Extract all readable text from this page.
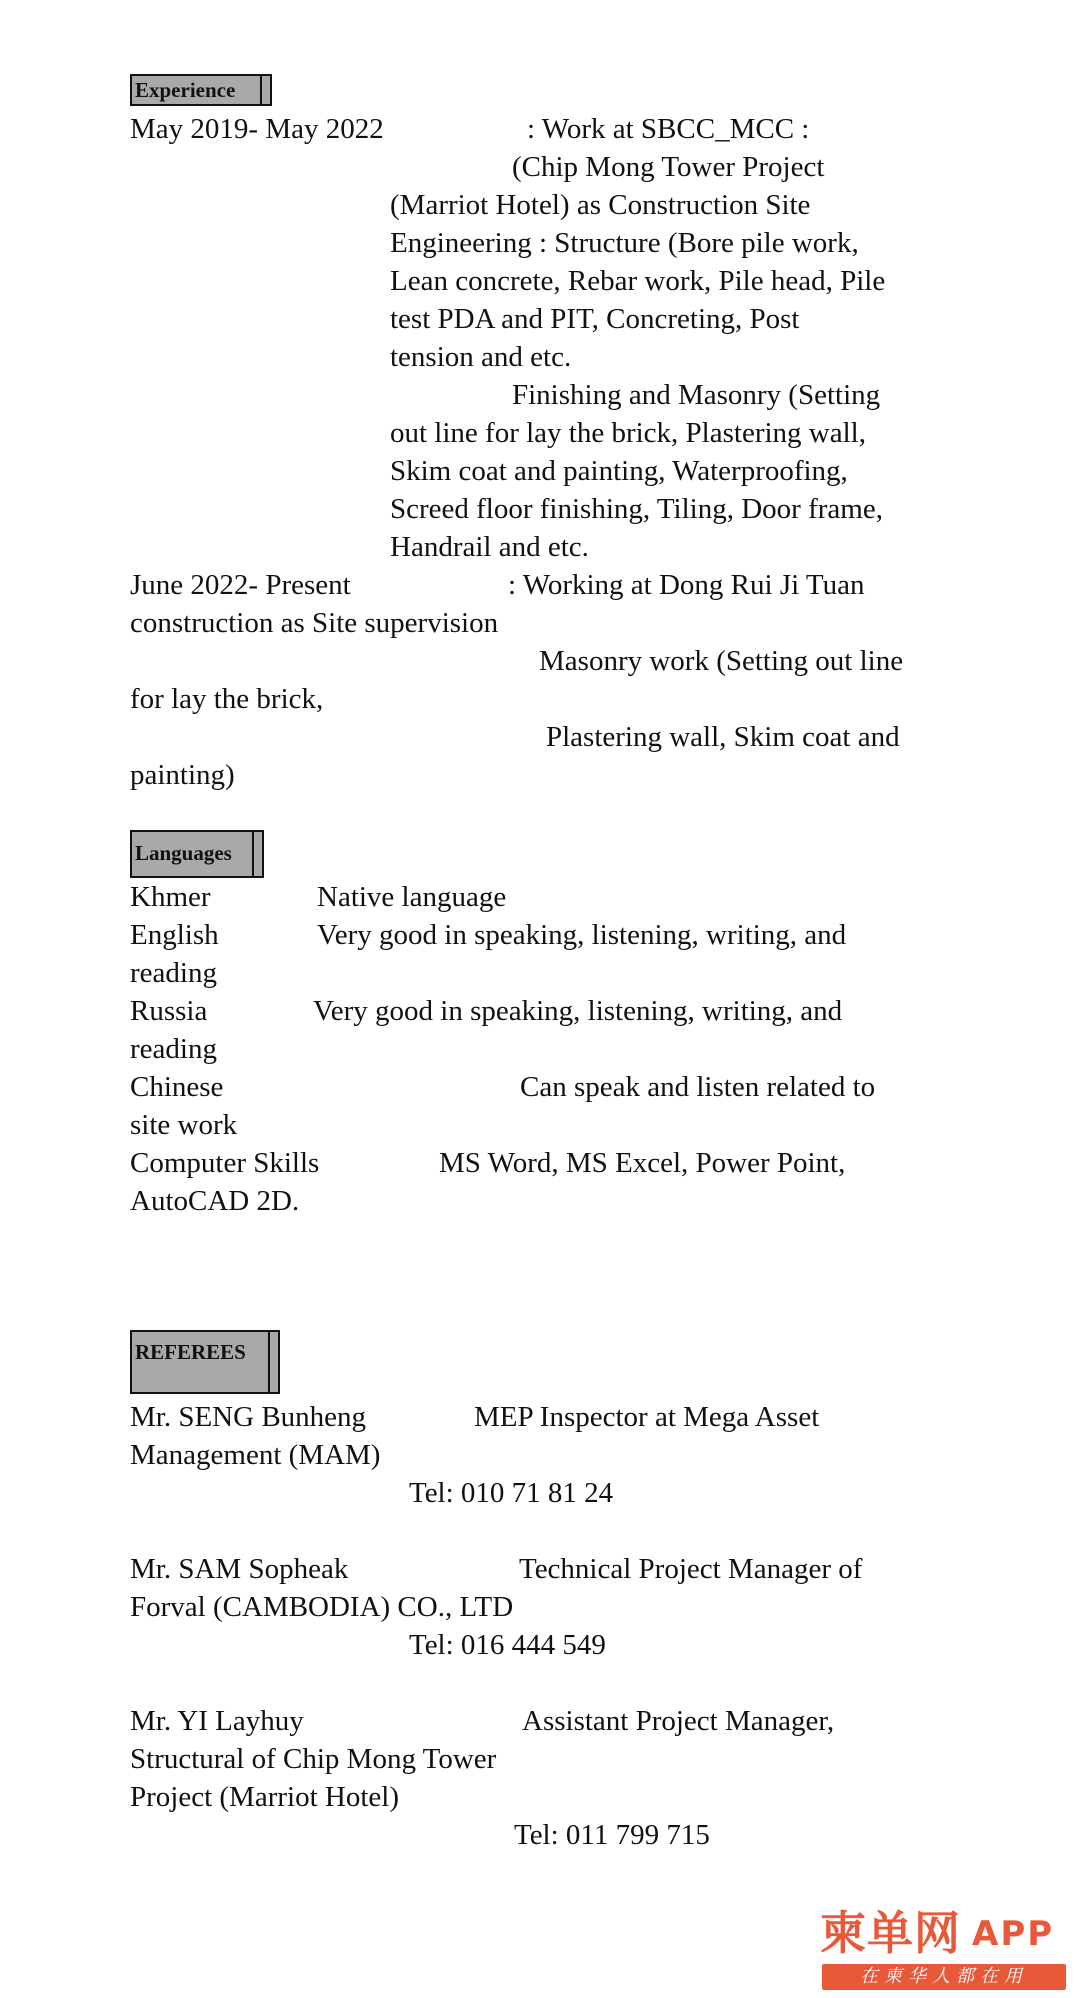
Experience

May 2019- May 2022	: Work at SBCC_MCC :

(Chip Mong Tower Project

(Marriot Hotel) as Construction Site

Engineering : Structure (Bore pile work,

Lean concrete, Rebar work, Pile head, Pile

test PDA and PIT, Concreting, Post

tension and etc.

Finishing and Masonry (Setting

out line for lay the brick, Plastering wall,

Skim coat and painting, Waterproofing,

Screed floor finishing, Tiling, Door frame,

Handrail and etc.

June 2022- Present	: Working at Dong Rui Ji Tuan

construction as Site supervision

Masonry work (Setting out line

for lay the brick,

Plastering wall, Skim coat and

painting)

Languages

Khmer	Native language

English	Very good in speaking, listening, writing, and

reading

Russia	Very good in speaking, listening, writing, and

reading

Chinese	Can speak and listen related to

site work

Computer Skills	MS Word, MS Excel, Power Point,

AutoCAD 2D.

REFEREES

Mr. SENG Bunheng	MEP Inspector at Mega Asset

Management (MAM)

Tel: 010 71 81 24

Mr. SAM Sopheak	Technical Project Manager of

Forval (CAMBODIA) CO., LTD

Tel: 016 444 549

Mr. YI Layhuy	Assistant Project Manager,

Structural of Chip Mong Tower

Project (Marriot Hotel)

Tel: 011 799 715

柬单网 APP
在柬华人都在用
